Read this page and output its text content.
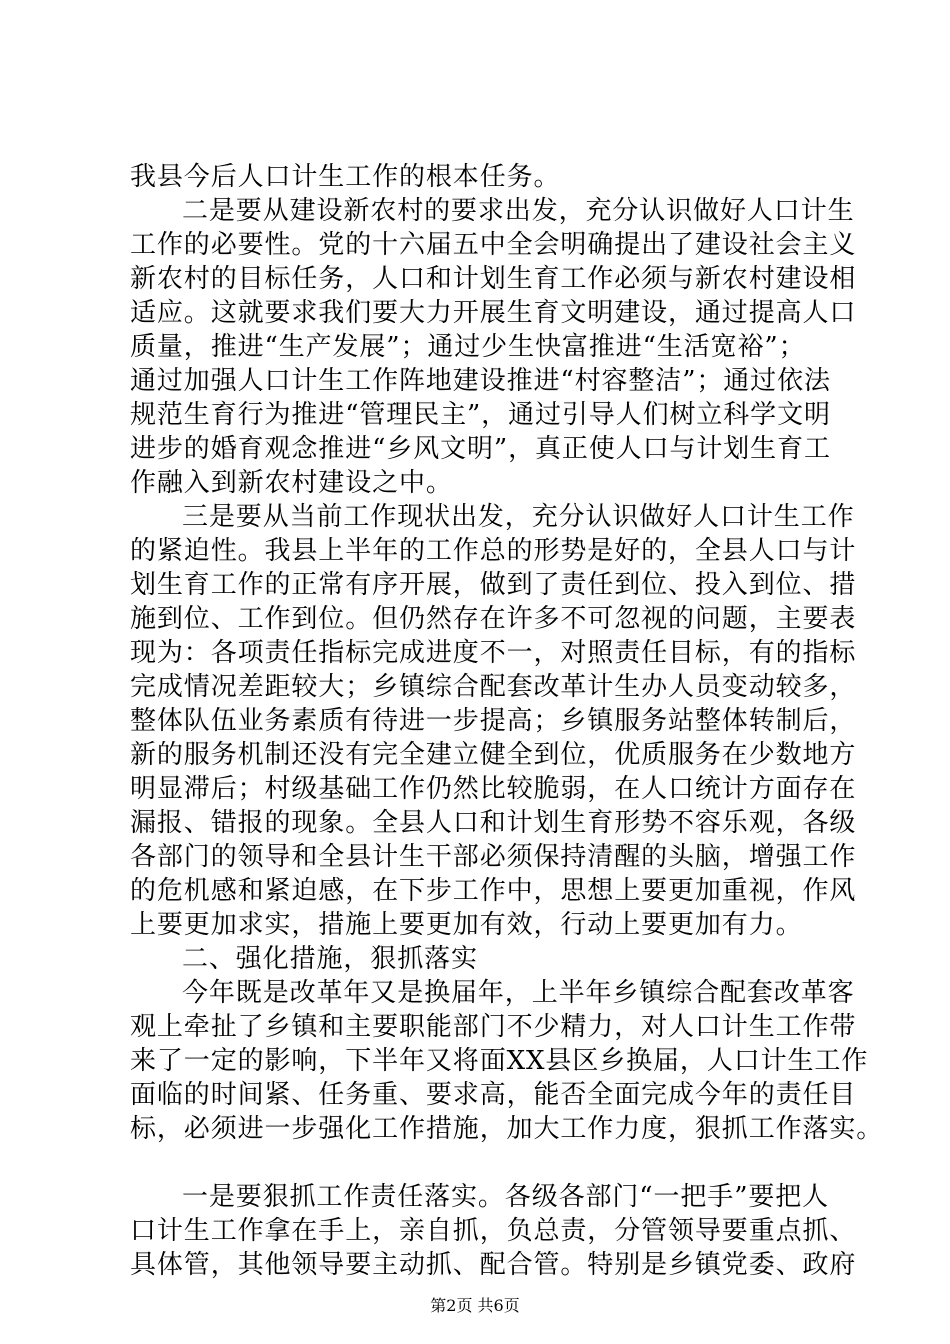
我县今后人口计生工作的根本任务。
二是要从建设新农村的要求出发，充分认识做好人口计生
工作的必要性。党的十六届五中全会明确提出了建设社会主义
新农村的目标任务，人口和计划生育工作必须与新农村建设相
适应。这就要求我们要大力开展生育文明建设，通过提高人口
质量，推进“生产发展”；通过少生快富推进“生活宽裕”；
通过加强人口计生工作阵地建设推进“村容整洁”；通过依法
规范生育行为推进“管理民主”，通过引导人们树立科学文明
进步的婚育观念推进“乡风文明”，真正使人口与计划生育工
作融入到新农村建设之中。
三是要从当前工作现状出发，充分认识做好人口计生工作
的紧迫性。我县上半年的工作总的形势是好的，全县人口与计
划生育工作的正常有序开展，做到了责任到位、投入到位、措
施到位、工作到位。但仍然存在许多不可忽视的问题，主要表
现为：各项责任指标完成进度不一，对照责任目标，有的指标
完成情况差距较大；乡镇综合配套改革计生办人员变动较多，
整体队伍业务素质有待进一步提高；乡镇服务站整体转制后，
新的服务机制还没有完全建立健全到位，优质服务在少数地方
明显滞后；村级基础工作仍然比较脆弱，在人口统计方面存在
漏报、错报的现象。全县人口和计划生育形势不容乐观，各级
各部门的领导和全县计生干部必须保持清醒的头脑，增强工作
的危机感和紧迫感，在下步工作中，思想上要更加重视，作风
上要更加求实，措施上要更加有效，行动上要更加有力。
二、强化措施，狠抓落实
今年既是改革年又是换届年，上半年乡镇综合配套改革客
观上牵扯了乡镇和主要职能部门不少精力，对人口计生工作带
来了一定的影响，下半年又将面XX县区乡换届，人口计生工作
面临的时间紧、任务重、要求高，能否全面完成今年的责任目
标，必须进一步强化工作措施，加大工作力度，狠抓工作落实。
一是要狠抓工作责任落实。各级各部门“一把手”要把人
口计生工作拿在手上，亲自抓，负总责，分管领导要重点抓、
具体管，其他领导要主动抓、配合管。特别是乡镇党委、政府
第2页 共6页
